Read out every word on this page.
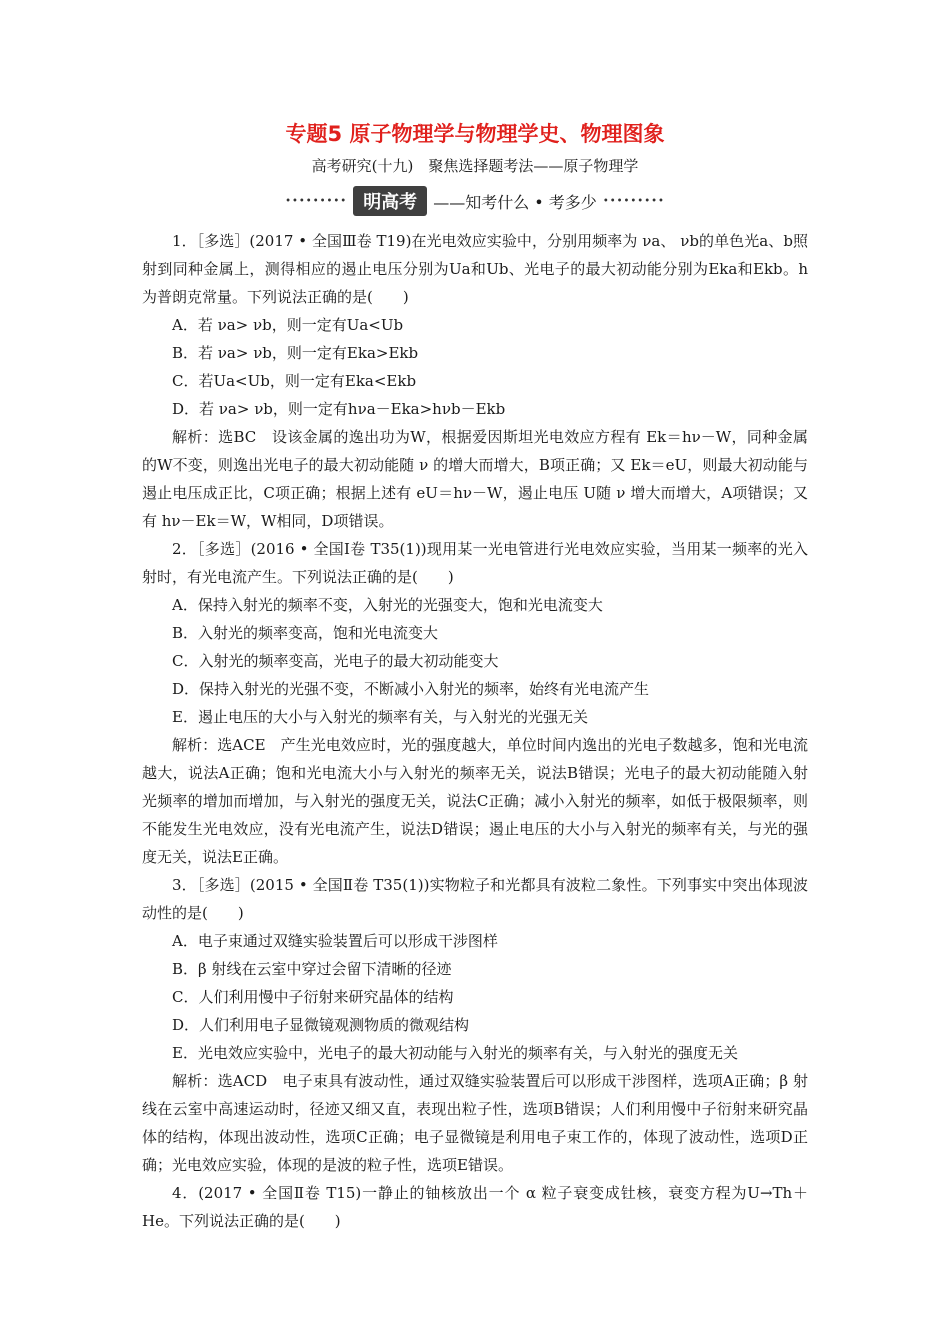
专题5 原子物理学与物理学史、物理图象
高考研究(十九)　聚焦选择题考法——原子物理学
••••••••• 明高考	——知考什么 • 考多少 •••••••••

1．［多选］(2017 • 全国Ⅲ卷 T19)在光电效应实验中，分别用频率为 νa、 νb的单色光a、b照射到同种金属上，测得相应的遏止电压分别为Ua和Ub、光电子的最大初动能分别为Eka和Ekb。h为普朗克常量。下列说法正确的是(　　)

A．若 νa> νb，则一定有Ua<Ub

B．若 νa> νb，则一定有Eka>Ekb

C．若Ua<Ub，则一定有Eka<Ekb

D．若 νa> νb，则一定有hνa－Eka>hνb－Ekb

解析：选BC　设该金属的逸出功为W，根据爱因斯坦光电效应方程有 Ek＝hν－W，同种金属的W不变，则逸出光电子的最大初动能随 ν 的增大而增大，B项正确；又 Ek＝eU，则最大初动能与遏止电压成正比，C项正确；根据上述有 eU＝hν－W，遏止电压 U随 ν 增大而增大，A项错误；又有 hν－Ek＝W，W相同，D项错误。

2．［多选］(2016 • 全国Ⅰ卷 T35(1))现用某一光电管进行光电效应实验，当用某一频率的光入射时，有光电流产生。下列说法正确的是(　　)

A．保持入射光的频率不变，入射光的光强变大，饱和光电流变大

B．入射光的频率变高，饱和光电流变大

C．入射光的频率变高，光电子的最大初动能变大

D．保持入射光的光强不变，不断减小入射光的频率，始终有光电流产生

E．遏止电压的大小与入射光的频率有关，与入射光的光强无关

解析：选ACE　产生光电效应时，光的强度越大，单位时间内逸出的光电子数越多，饱和光电流越大，说法A正确；饱和光电流大小与入射光的频率无关，说法B错误；光电子的最大初动能随入射光频率的增加而增加，与入射光的强度无关，说法C正确；减小入射光的频率，如低于极限频率，则不能发生光电效应，没有光电流产生，说法D错误；遏止电压的大小与入射光的频率有关，与光的强度无关，说法E正确。

3．［多选］(2015 • 全国Ⅱ卷 T35(1))实物粒子和光都具有波粒二象性。下列事实中突出体现波动性的是(　　)

A．电子束通过双缝实验装置后可以形成干涉图样

B．β 射线在云室中穿过会留下清晰的径迹

C．人们利用慢中子衍射来研究晶体的结构

D．人们利用电子显微镜观测物质的微观结构

E．光电效应实验中，光电子的最大初动能与入射光的频率有关，与入射光的强度无关

解析：选ACD　电子束具有波动性，通过双缝实验装置后可以形成干涉图样，选项A正确；β 射线在云室中高速运动时，径迹又细又直，表现出粒子性，选项B错误；人们利用慢中子衍射来研究晶体的结构，体现出波动性，选项C正确；电子显微镜是利用电子束工作的，体现了波动性，选项D正确；光电效应实验，体现的是波的粒子性，选项E错误。

4．(2017 • 全国Ⅱ卷 T15)一静止的铀核放出一个 α 粒子衰变成钍核，衰变方程为U→Th＋He。下列说法正确的是(　　)
